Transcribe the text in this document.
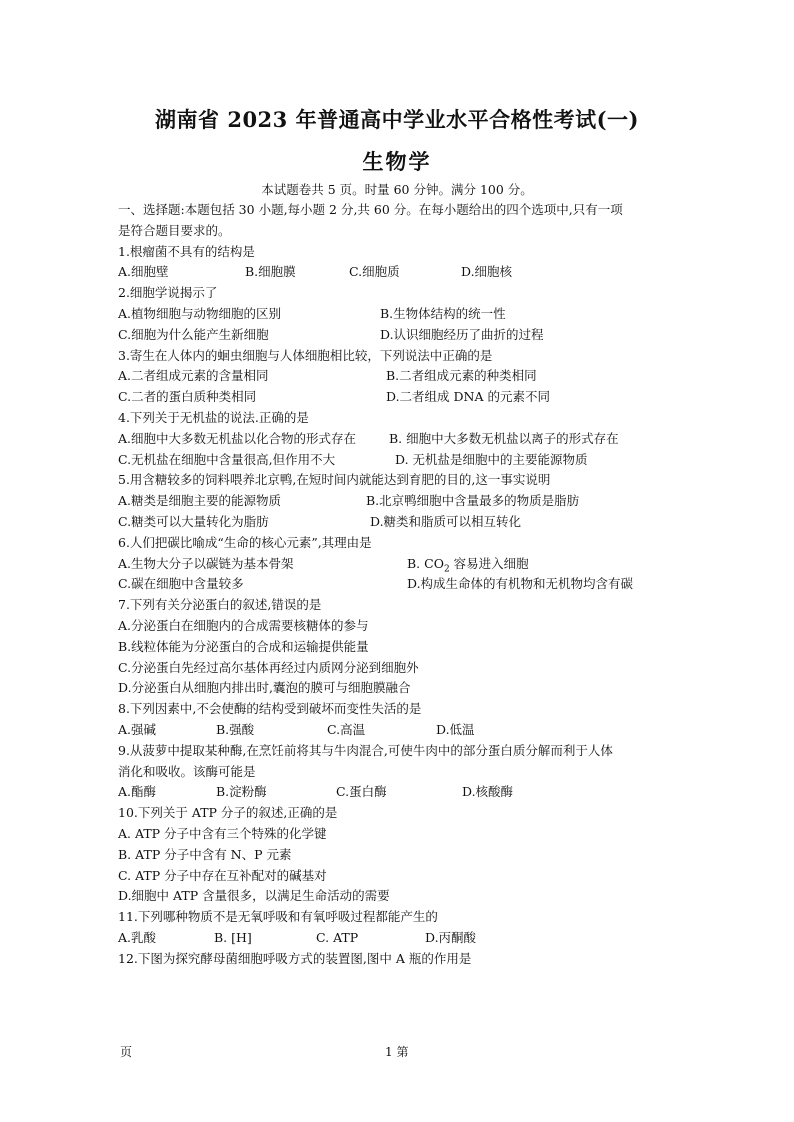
湖南省 2023 年普通高中学业水平合格性考试(一)
生物学
本试题卷共 5 页。时量 60 分钟。满分 100 分。
一、选择题:本题包括 30 小题,每小题 2 分,共 60 分。在每小题给出的四个选项中,只有一项
是符合题目要求的。
1.根瘤菌不具有的结构是
A.细胞壁	B.细胞膜	C.细胞质	D.细胞核
2.细胞学说揭示了
A.植物细胞与动物细胞的区别	B.生物体结构的统一性
C.细胞为什么能产生新细胞	D.认识细胞经历了曲折的过程
3.寄生在人体内的蛔虫细胞与人体细胞相比较，下列说法中正确的是
A.二者组成元素的含量相同	B.二者组成元素的种类相同
C.二者的蛋白质种类相同	D.二者组成 DNA 的元素不同
4.下列关于无机盐的说法.正确的是
A.细胞中大多数无机盐以化合物的形式存在	B. 细胞中大多数无机盐以离子的形式存在
C.无机盐在细胞中含量很高,但作用不大	D. 无机盐是细胞中的主要能源物质
5.用含糖较多的饲料喂养北京鸭,在短时间内就能达到育肥的目的,这一事实说明
A.糖类是细胞主要的能源物质	B.北京鸭细胞中含量最多的物质是脂肪
C.糖类可以大量转化为脂肪	D.糖类和脂质可以相互转化
6.人们把碳比喻成“生命的核心元素”,其理由是
A.生物大分子以碳链为基本骨架	B. $CO_2$ 容易进入细胞
C.碳在细胞中含量较多	D.构成生命体的有机物和无机物均含有碳
7.下列有关分泌蛋白的叙述,错误的是
A.分泌蛋白在细胞内的合成需要核糖体的参与
B.线粒体能为分泌蛋白的合成和运输提供能量
C.分泌蛋白先经过高尔基体再经过内质网分泌到细胞外
D.分泌蛋白从细胞内排出时,囊泡的膜可与细胞膜融合
8.下列因素中,不会使酶的结构受到破坏而变性失活的是
A.强碱	B.强酸	C.高温	D.低温
9.从菠萝中提取某种酶,在烹饪前将其与牛肉混合,可使牛肉中的部分蛋白质分解而利于人体
消化和吸收。该酶可能是
A.酯酶	B.淀粉酶	C.蛋白酶	D.核酸酶
10.下列关于 ATP 分子的叙述,正确的是
A. ATP 分子中含有三个特殊的化学键
B. ATP 分子中含有 N、P 元素
C. ATP 分子中存在互补配对的碱基对
D.细胞中 ATP 含量很多，以满足生命活动的需要
11.下列哪种物质不是无氧呼吸和有氧呼吸过程都能产生的
A.乳酸	B. [H]	C. ATP	D.丙酮酸
12.下图为探究酵母菌细胞呼吸方式的装置图,图中 A 瓶的作用是
页	1 第
